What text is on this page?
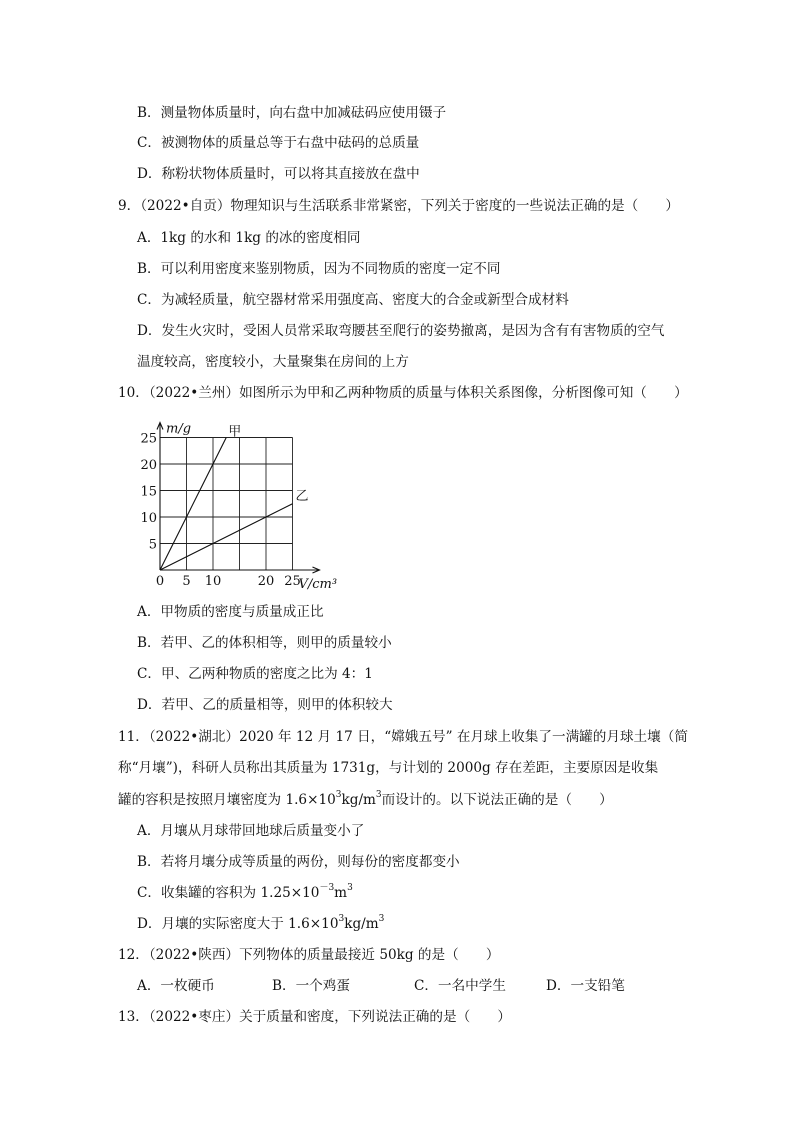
B．测量物体质量时，向右盘中加减砝码应使用镊子
C．被测物体的质量总等于右盘中砝码的总质量
D．称粉状物体质量时，可以将其直接放在盘中
9．（2022•自贡）物理知识与生活联系非常紧密，下列关于密度的一些说法正确的是（　　）
A．1kg 的水和 1kg 的冰的密度相同
B．可以利用密度来鉴别物质，因为不同物质的密度一定不同
C．为减轻质量，航空器材常采用强度高、密度大的合金或新型合成材料
D．发生火灾时，受困人员常采取弯腰甚至爬行的姿势撤离，是因为含有有害物质的空气
温度较高，密度较小，大量聚集在房间的上方
10．（2022•兰州）如图所示为甲和乙两种物质的质量与体积关系图像，分析图像可知（　　）
甲
乙
0 5 10	20 25
5
10
15
20
25
m/g
V/cm³
A．甲物质的密度与质量成正比
B．若甲、乙的体积相等，则甲的质量较小
C．甲、乙两种物质的密度之比为 4：1
D．若甲、乙的质量相等，则甲的体积较大
11．（2022•湖北）2020 年 12 月 17 日，“嫦娥五号” 在月球上收集了一满罐的月球土壤（简
称“月壤”)，科研人员称出其质量为 1731g，与计划的 2000g 存在差距，主要原因是收集
罐的容积是按照月壤密度为 $1.6\times 10^3kg/m^3$而设计的。以下说法正确的是（　　）
A．月壤从月球带回地球后质量变小了
B．若将月壤分成等质量的两份，则每份的密度都变小
C．收集罐的容积为 $1.25\times 10^{-3}m^3$
D．月壤的实际密度大于 $1.6\times 10^3kg/m^3$
12．（2022•陕西）下列物体的质量最接近 50kg 的是（　　）
A．一枚硬币	B．一个鸡蛋	C．一名中学生	D．一支铅笔
13．（2022•枣庄）关于质量和密度，下列说法正确的是（　　）
